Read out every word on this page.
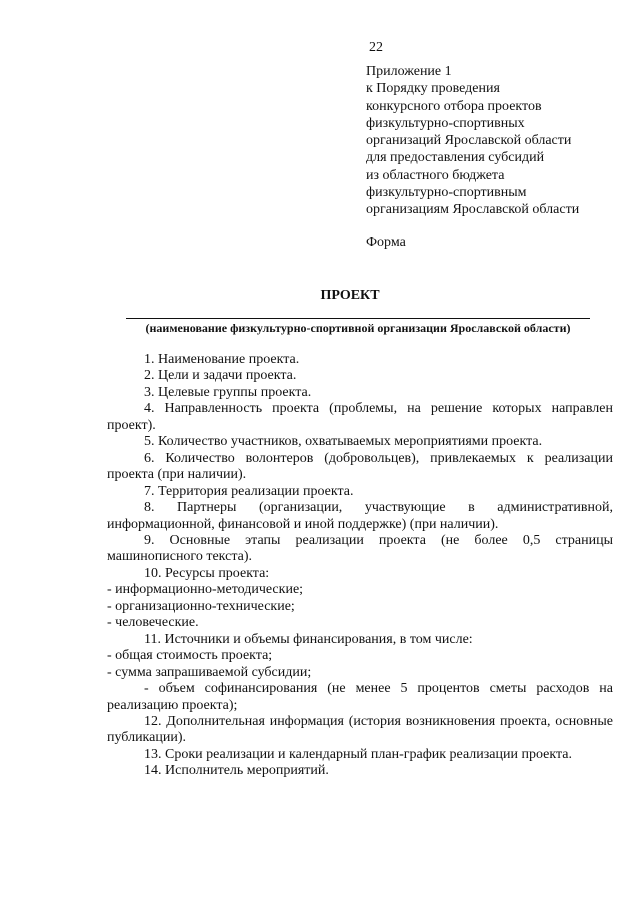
22
Приложение 1
к Порядку проведения
конкурсного отбора проектов
физкультурно-спортивных
организаций Ярославской области
для предоставления субсидий
из областного бюджета
физкультурно-спортивным
организациям Ярославской области
Форма
ПРОЕКТ
(наименование физкультурно-спортивной организации Ярославской области)

1. Наименование проекта.

2. Цели и задачи проекта.

3. Целевые группы проекта.

4. Направленность проекта (проблемы, на решение которых направлен проект).

5. Количество участников, охватываемых мероприятиями проекта.

6. Количество волонтеров (добровольцев), привлекаемых к реализации проекта (при наличии).

7. Территория реализации проекта.

8. Партнеры (организации, участвующие в административной, информационной, финансовой и иной поддержке) (при наличии).

9. Основные этапы реализации проекта (не более 0,5 страницы машинописного текста).

10. Ресурсы проекта:

- информационно-методические;

- организационно-технические;

- человеческие.

11. Источники и объемы финансирования, в том числе:

- общая стоимость проекта;

- сумма запрашиваемой субсидии;

- объем софинансирования (не менее 5 процентов сметы расходов на реализацию проекта);

12. Дополнительная информация (история возникновения проекта, основные публикации).

13. Сроки реализации и календарный план-график реализации проекта.

14. Исполнитель мероприятий.
